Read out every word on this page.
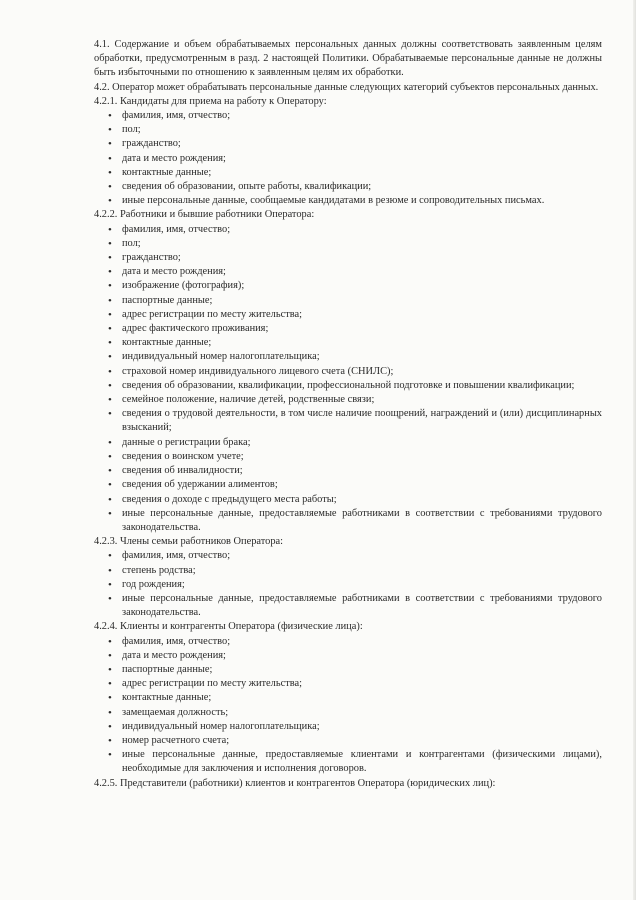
4.1. Содержание и объем обрабатываемых персональных данных должны соответствовать заявленным целям обработки, предусмотренным в разд. 2 настоящей Политики. Обрабатываемые персональные данные не должны быть избыточными по отношению к заявленным целям их обработки.

4.2. Оператор может обрабатывать персональные данные следующих категорий субъектов персональных данных.

4.2.1. Кандидаты для приема на работу к Оператору:

• фамилия, имя, отчество;
• пол;
• гражданство;
• дата и место рождения;
• контактные данные;
• сведения об образовании, опыте работы, квалификации;
• иные персональные данные, сообщаемые кандидатами в резюме и сопроводительных письмах.

4.2.2. Работники и бывшие работники Оператора:

• фамилия, имя, отчество;
• пол;
• гражданство;
• дата и место рождения;
• изображение (фотография);
• паспортные данные;
• адрес регистрации по месту жительства;
• адрес фактического проживания;
• контактные данные;
• индивидуальный номер налогоплательщика;
• страховой номер индивидуального лицевого счета (СНИЛС);
• сведения об образовании, квалификации, профессиональной подготовке и повышении квалификации;
• семейное положение, наличие детей, родственные связи;
• сведения о трудовой деятельности, в том числе наличие поощрений, награждений и (или) дисциплинарных взысканий;
• данные о регистрации брака;
• сведения о воинском учете;
• сведения об инвалидности;
• сведения об удержании алиментов;
• сведения о доходе с предыдущего места работы;
• иные персональные данные, предоставляемые работниками в соответствии с требованиями трудового законодательства.

4.2.3. Члены семьи работников Оператора:

• фамилия, имя, отчество;
• степень родства;
• год рождения;
• иные персональные данные, предоставляемые работниками в соответствии с требованиями трудового законодательства.

4.2.4. Клиенты и контрагенты Оператора (физические лица):

• фамилия, имя, отчество;
• дата и место рождения;
• паспортные данные;
• адрес регистрации по месту жительства;
• контактные данные;
• замещаемая должность;
• индивидуальный номер налогоплательщика;
• номер расчетного счета;
• иные персональные данные, предоставляемые клиентами и контрагентами (физическими лицами), необходимые для заключения и исполнения договоров.

4.2.5. Представители (работники) клиентов и контрагентов Оператора (юридических лиц):
